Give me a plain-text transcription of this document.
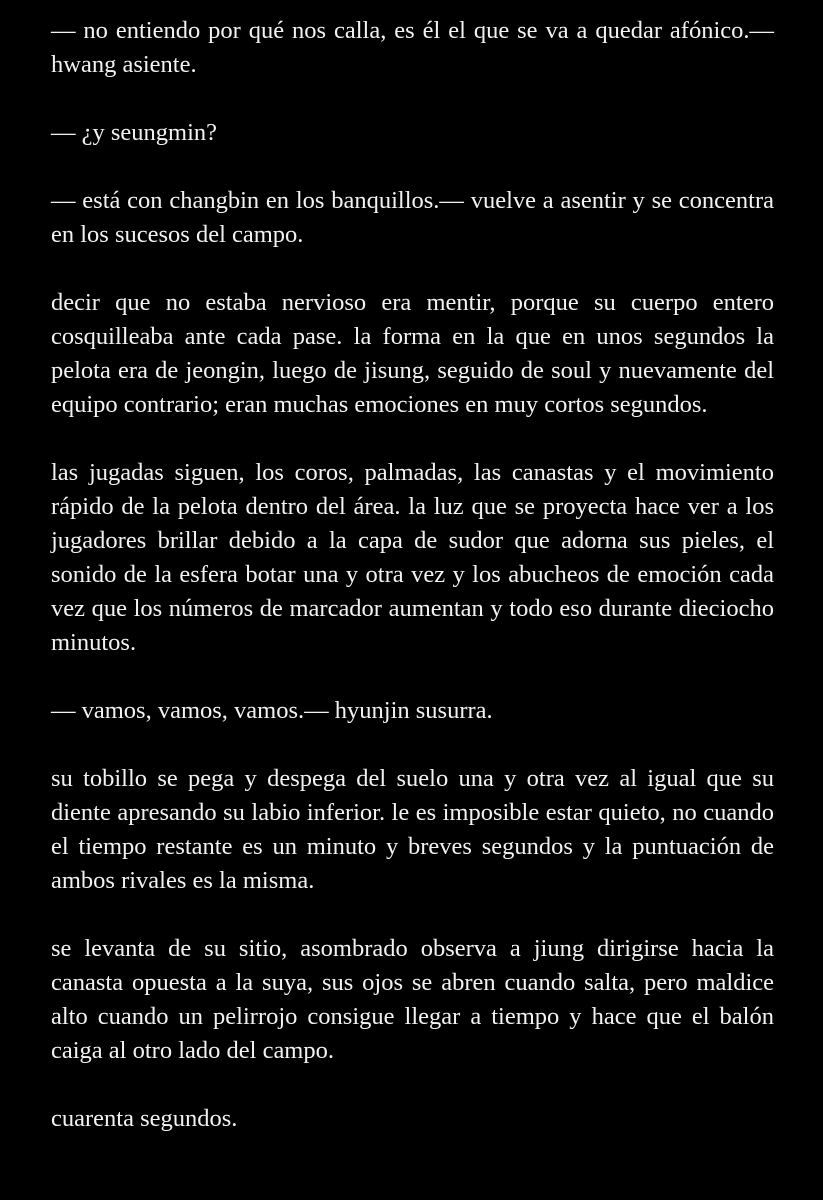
— no entiendo por qué nos calla, es él el que se va a quedar afónico.— hwang asiente.

— ¿y seungmin?

— está con changbin en los banquillos.— vuelve a asentir y se concentra en los sucesos del campo.

decir que no estaba nervioso era mentir, porque su cuerpo entero cosquilleaba ante cada pase. la forma en la que en unos segundos la pelota era de jeongin, luego de jisung, seguido de soul y nuevamente del equipo contrario; eran muchas emociones en muy cortos segundos.

las jugadas siguen, los coros, palmadas, las canastas y el movimiento rápido de la pelota dentro del área. la luz que se proyecta hace ver a los jugadores brillar debido a la capa de sudor que adorna sus pieles, el sonido de la esfera botar una y otra vez y los abucheos de emoción cada vez que los números de marcador aumentan y todo eso durante dieciocho minutos.

— vamos, vamos, vamos.— hyunjin susurra.

su tobillo se pega y despega del suelo una y otra vez al igual que su diente apresando su labio inferior. le es imposible estar quieto, no cuando el tiempo restante es un minuto y breves segundos y la puntuación de ambos rivales es la misma.

se levanta de su sitio, asombrado observa a jiung dirigirse hacia la canasta opuesta a la suya, sus ojos se abren cuando salta, pero maldice alto cuando un pelirrojo consigue llegar a tiempo y hace que el balón caiga al otro lado del campo.

cuarenta segundos.
